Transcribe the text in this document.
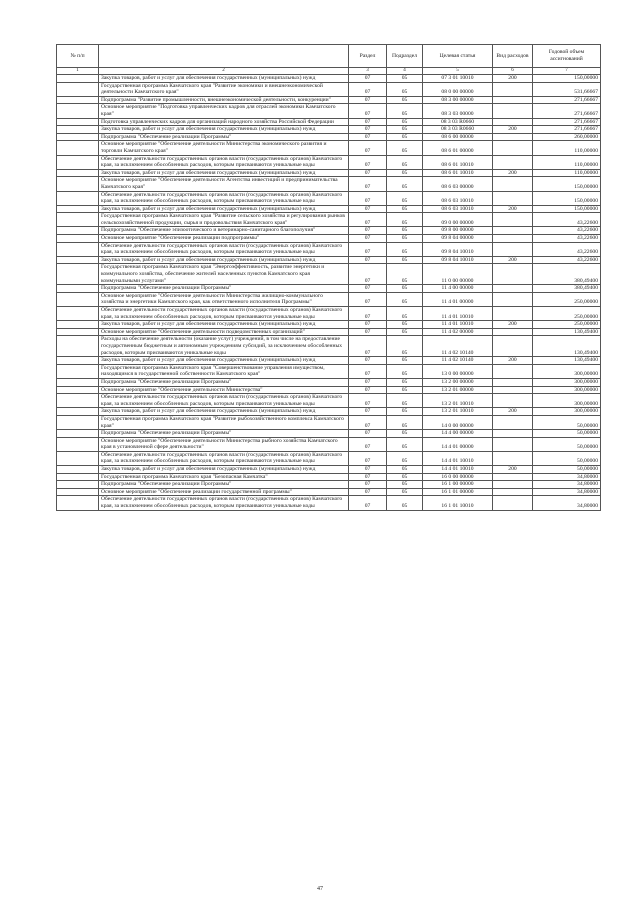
№ п/п		Раздел	Подраздел	Целевая статья	Вид расходов	Годовой объем ассигнований
1	2	3	4	5	6	7
	Закупка товаров, работ и услуг для обеспечения государственных (муниципальных) нужд	07	05	07 3 01 10010	200	150,00000
	Государственная программа Камчатского края "Развитие экономики и внешнеэкономической деятельности Камчатского края"	07	05	08 0 00 00000		531,66667
	Подпрограмма "Развитие промышленности, внешнеэкономической деятельности, конкуренции"	07	05	08 3 00 00000		271,66667
	Основное мероприятие "Подготовка управленческих кадров для отраслей экономики Камчатского края"	07	05	08 3 03 00000		271,66667
	Подготовка управленческих кадров для организаций народного хозяйства Российской Федерации	07	05	08 3 03 R0660		271,66667
	Закупка товаров, работ и услуг для обеспечения государственных (муниципальных) нужд	07	05	08 3 03 R0660	200	271,66667
	Подпрограмма "Обеспечение реализации Программы"	07	05	08 6 00 00000		260,00000
	Основное мероприятие "Обеспечение деятельности Министерства экономического развития и торговли Камчатского края"	07	05	08 6 01 00000		110,00000
	Обеспечение деятельности государственных органов власти (государственных органов) Камчатского края, за исключением обособленных расходов, которым присваиваются уникальные коды	07	05	08 6 01 10010		110,00000
	Закупка товаров, работ и услуг для обеспечения государственных (муниципальных) нужд	07	05	08 6 01 10010	200	110,00000
	Основное мероприятие "Обеспечение деятельности Агентства инвестиций и предпринимательства Камчатского края"	07	05	08 6 03 00000		150,00000
	Обеспечение деятельности государственных органов власти (государственных органов) Камчатского края, за исключением обособленных расходов, которым присваиваются уникальные коды	07	05	08 6 03 10010		150,00000
	Закупка товаров, работ и услуг для обеспечения государственных (муниципальных) нужд	07	05	08 6 03 10010	200	150,00000
	Государственная программа Камчатского края "Развитие сельского хозяйства и регулирования рынков сельскохозяйственной продукции, сырья и продовольствия Камчатского края"	07	05	09 0 00 00000		43,22600
	Подпрограмма "Обеспечение эпизоотического и ветеринарно-санитарного благополучия"	07	05	09 8 00 00000		43,22600
	Основное мероприятие "Обеспечение реализации подпрограммы"	07	05	09 8 04 00000		43,22600
	Обеспечение деятельности государственных органов власти (государственных органов) Камчатского края, за исключением обособленных расходов, которым присваиваются уникальные коды	07	05	09 8 04 10010		43,22600
	Закупка товаров, работ и услуг для обеспечения государственных (муниципальных) нужд	07	05	09 8 04 10010	200	43,22600
	Государственная программа Камчатского края "Энергоэффективность, развитие энергетики и коммунального хозяйства, обеспечение жителей населенных пунктов Камчатского края коммунальными услугами"	07	05	11 0 00 00000		380,49400
	Подпрограмма "Обеспечение реализации Программы"	07	05	11 4 00 00000		380,49400
	Основное мероприятие "Обеспечение деятельности Министерства жилищно-коммунального хозяйства и энергетики Камчатского края, как ответственного исполнителя Программы"	07	05	11 4 01 00000		250,00000
	Обеспечение деятельности государственных органов власти (государственных органов) Камчатского края, за исключением обособленных расходов, которым присваиваются уникальные коды	07	05	11 4 01 10010		250,00000
	Закупка товаров, работ и услуг для обеспечения государственных (муниципальных) нужд	07	05	11 4 01 10010	200	250,00000
	Основное мероприятие "Обеспечение деятельности подведомственных организаций"	07	05	11 4 02 00000		130,49400
	Расходы на обеспечение деятельности (оказание услуг) учреждений, в том числе на предоставление государственным бюджетным и автономным учреждениям субсидий, за исключением обособленных расходов, которым присваиваются уникальные коды	07	05	11 4 02 10140		130,49400
	Закупка товаров, работ и услуг для обеспечения государственных (муниципальных) нужд	07	05	11 4 02 10140	200	130,49400
	Государственная программа Камчатского края "Совершенствование управления имуществом, находящимся в государственной собственности Камчатского края"	07	05	13 0 00 00000		300,00000
	Подпрограмма "Обеспечение реализации Программы"	07	05	13 2 00 00000		300,00000
	Основное мероприятие "Обеспечение деятельности Министерства"	07	05	13 2 01 00000		300,00000
	Обеспечение деятельности государственных органов власти (государственных органов) Камчатского края, за исключением обособленных расходов, которым присваиваются уникальные коды	07	05	13 2 01 10010		300,00000
	Закупка товаров, работ и услуг для обеспечения государственных (муниципальных) нужд	07	05	13 2 01 10010	200	300,00000
	Государственная программа Камчатского края "Развитие рыбохозяйственного комплекса Камчатского края"	07	05	14 0 00 00000		50,00000
	Подпрограмма "Обеспечение реализации Программы"	07	05	14 4 00 00000		50,00000
	Основное мероприятие "Обеспечение деятельности Министерства рыбного хозяйства Камчатского края в установленной сфере деятельности"	07	05	14 4 01 00000		50,00000
	Обеспечение деятельности государственных органов власти (государственных органов) Камчатского края, за исключением обособленных расходов, которым присваиваются уникальные коды	07	05	14 4 01 10010		50,00000
	Закупка товаров, работ и услуг для обеспечения государственных (муниципальных) нужд	07	05	14 4 01 10010	200	50,00000
	Государственная программа Камчатского края "Безопасная Камчатка"	07	05	16 0 00 00000		34,80000
	Подпрограмма "Обеспечение реализации Программы"	07	05	16 1 00 00000		34,80000
	Основное мероприятие "Обеспечение реализации государственной программы"	07	05	16 1 01 00000		34,80000
	Обеспечение деятельности государственных органов власти (государственных органов) Камчатского края, за исключением обособленных расходов, которым присваиваются уникальные коды	07	05	16 1 01 10010		34,80000
47
